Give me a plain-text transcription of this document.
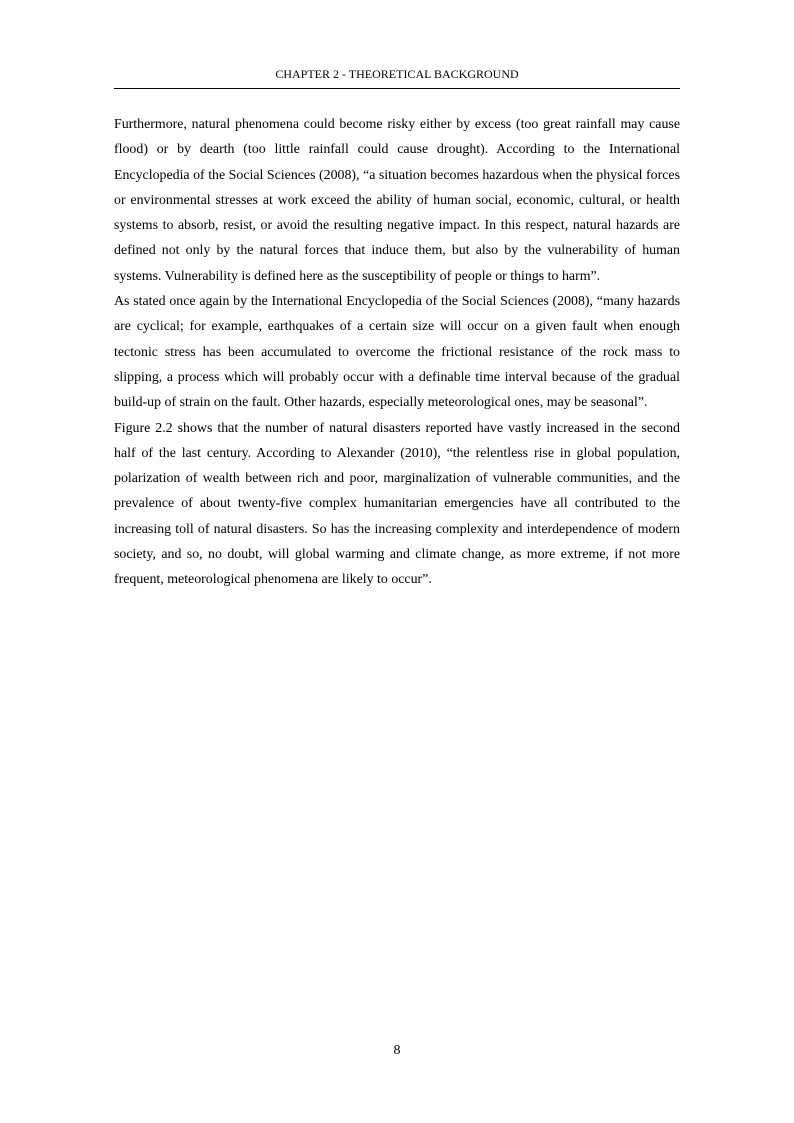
CHAPTER 2 - THEORETICAL BACKGROUND

Furthermore, natural phenomena could become risky either by excess (too great rainfall may cause flood) or by dearth (too little rainfall could cause drought). According to the International Encyclopedia of the Social Sciences (2008), “a situation becomes hazardous when the physical forces or environmental stresses at work exceed the ability of human social, economic, cultural, or health systems to absorb, resist, or avoid the resulting negative impact. In this respect, natural hazards are defined not only by the natural forces that induce them, but also by the vulnerability of human systems. Vulnerability is defined here as the susceptibility of people or things to harm”.

As stated once again by the International Encyclopedia of the Social Sciences (2008), “many hazards are cyclical; for example, earthquakes of a certain size will occur on a given fault when enough tectonic stress has been accumulated to overcome the frictional resistance of the rock mass to slipping, a process which will probably occur with a definable time interval because of the gradual build-up of strain on the fault. Other hazards, especially meteorological ones, may be seasonal”.

Figure 2.2 shows that the number of natural disasters reported have vastly increased in the second half of the last century. According to Alexander (2010), “the relentless rise in global population, polarization of wealth between rich and poor, marginalization of vulnerable communities, and the prevalence of about twenty-five complex humanitarian emergencies have all contributed to the increasing toll of natural disasters. So has the increasing complexity and interdependence of modern society, and so, no doubt, will global warming and climate change, as more extreme, if not more frequent, meteorological phenomena are likely to occur”.

8
